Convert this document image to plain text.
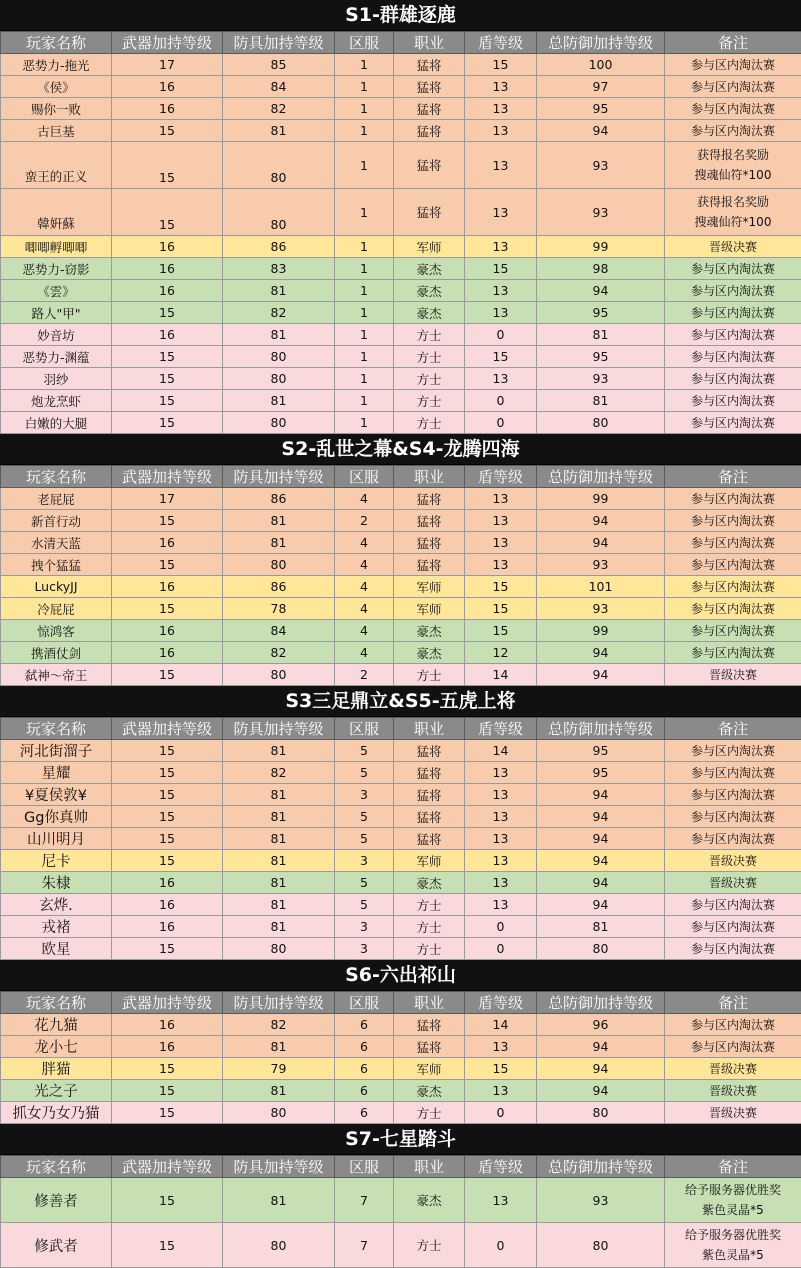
S1-群雄逐鹿
玩家名称	武器加持等级	防具加持等级	区服	职业	盾等级	总防御加持等级	备注
恶势力-拖光	17	85	1	猛将	15	100	参与区内淘汰赛
《侯》	16	84	1	猛将	13	97	参与区内淘汰赛
赐你一败	16	82	1	猛将	13	95	参与区内淘汰赛
古巨基	15	81	1	猛将	13	94	参与区内淘汰赛
蛮王的正义	15	80	1	猛将	13	93	获得报名奖励
搜魂仙符*100
韓姸蘇	15	80	1	猛将	13	93	获得报名奖励
搜魂仙符*100
唧唧孵唧唧	16	86	1	军师	13	99	晋级决赛
恶势力-窃影	16	83	1	豪杰	15	98	参与区内淘汰赛
《雲》	16	81	1	豪杰	13	94	参与区内淘汰赛
路人"甲"	15	82	1	豪杰	13	95	参与区内淘汰赛
妙音坊	16	81	1	方士	0	81	参与区内淘汰赛
恶势力-渊蕴	15	80	1	方士	15	95	参与区内淘汰赛
羽纱	15	80	1	方士	13	93	参与区内淘汰赛
炮龙烹虾	15	81	1	方士	0	81	参与区内淘汰赛
白嫩的大腿	15	80	1	方士	0	80	参与区内淘汰赛
S2-乱世之幕&S4-龙腾四海
玩家名称	武器加持等级	防具加持等级	区服	职业	盾等级	总防御加持等级	备注
老屁屁	17	86	4	猛将	13	99	参与区内淘汰赛
新首行动	15	81	2	猛将	13	94	参与区内淘汰赛
水清天蓝	16	81	4	猛将	13	94	参与区内淘汰赛
拽个猛猛	15	80	4	猛将	13	93	参与区内淘汰赛
LuckyJJ	16	86	4	军师	15	101	参与区内淘汰赛
冷屁屁	15	78	4	军师	15	93	参与区内淘汰赛
惊鸿客	16	84	4	豪杰	15	99	参与区内淘汰赛
携酒仗剑	16	82	4	豪杰	12	94	参与区内淘汰赛
弑神～帝王	15	80	2	方士	14	94	晋级决赛
S3三足鼎立&S5-五虎上将
玩家名称	武器加持等级	防具加持等级	区服	职业	盾等级	总防御加持等级	备注
河北街溜子	15	81	5	猛将	14	95	参与区内淘汰赛
星耀	15	82	5	猛将	13	95	参与区内淘汰赛
¥夏侯敦¥	15	81	3	猛将	13	94	参与区内淘汰赛
Gg你真帅	15	81	5	猛将	13	94	参与区内淘汰赛
山川明月	15	81	5	猛将	13	94	参与区内淘汰赛
尼卡	15	81	3	军师	13	94	晋级决赛
朱棣	16	81	5	豪杰	13	94	晋级决赛
玄烨.	16	81	5	方士	13	94	参与区内淘汰赛
戎褚	16	81	3	方士	0	81	参与区内淘汰赛
欧星	15	80	3	方士	0	80	参与区内淘汰赛
S6-六出祁山
玩家名称	武器加持等级	防具加持等级	区服	职业	盾等级	总防御加持等级	备注
花九猫	16	82	6	猛将	14	96	参与区内淘汰赛
龙小七	16	81	6	猛将	13	94	参与区内淘汰赛
胖猫	15	79	6	军师	15	94	晋级决赛
光之子	15	81	6	豪杰	13	94	晋级决赛
抓女乃女乃猫	15	80	6	方士	0	80	晋级决赛
S7-七星踏斗
玩家名称	武器加持等级	防具加持等级	区服	职业	盾等级	总防御加持等级	备注
修善者	15	81	7	豪杰	13	93	给予服务器优胜奖
紫色灵晶*5
修武者	15	80	7	方士	0	80	给予服务器优胜奖
紫色灵晶*5
